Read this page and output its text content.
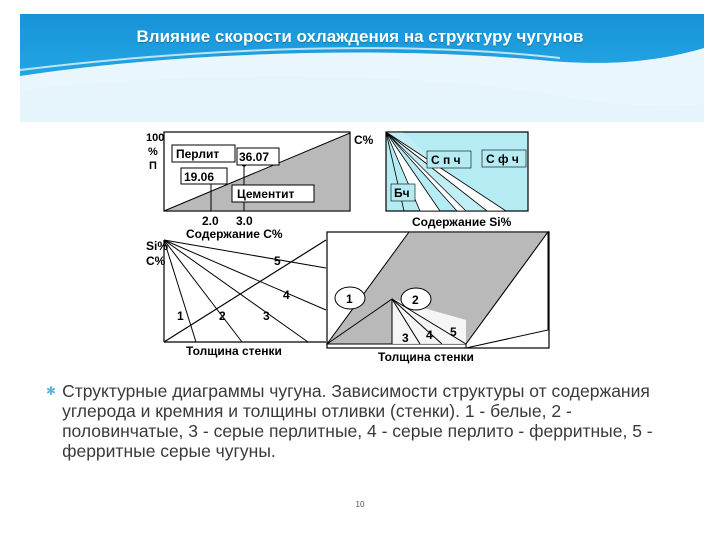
Влияние скорости охлаждения на структуру чугунов
Перлит 36.07
19.06
Цементит
100
%
П
С%
2.0 3.0
Содержание С%
С п ч С ф ч
Бч
Содержание Si%
Si%
С%
1	2	3
4
5
Толщина стенки
1	2
3 4 5
Толщина стенки
✱ Структурные диаграммы чугуна. Зависимости структуры от содержания углерода и кремния и толщины отливки (стенки). 1 - белые, 2 - половинчатые, 3 - серые перлитные, 4 - серые перлито - ферритные, 5 - ферритные серые чугуны.
10
